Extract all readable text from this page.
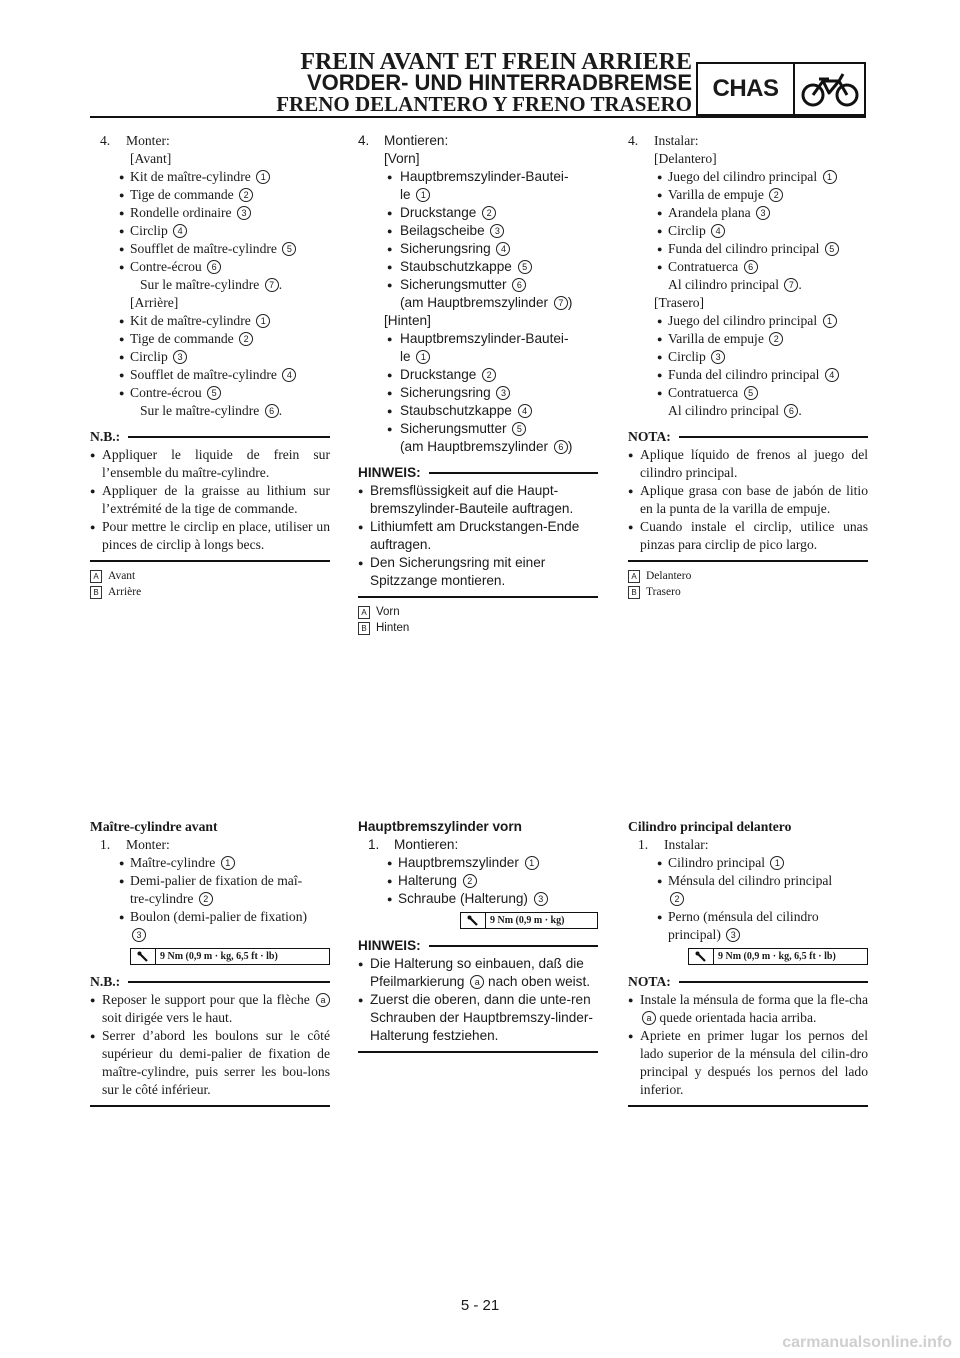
FREIN AVANT ET FREIN ARRIERE
VORDER- UND HINTERRADBREMSE
FRENO DELANTERO Y FRENO TRASERO
CHAS
4.	Monter:
[Avant]
● Kit de maître-cylindre 1
● Tige de commande 2
● Rondelle ordinaire 3
● Circlip 4
● Soufflet de maître-cylindre 5
● Contre-écrou 6
Sur le maître-cylindre 7 .
[Arrière]
● Kit de maître-cylindre 1
● Tige de commande 2
● Circlip 3
● Soufflet de maître-cylindre 4
● Contre-écrou 5
Sur le maître-cylindre 6 .
N.B.:
● Appliquer le liquide de frein sur l’ensemble du maître-cylindre.
● Appliquer de la graisse au lithium sur l’extrémité de la tige de commande.
● Pour mettre le circlip en place, utiliser un pinces de circlip à longs becs.
A Avant
B Arrière
4.	Montieren:
[Vorn]
● Hauptbremszylinder-Bautei-
le 1
● Druckstange 2
● Beilagscheibe 3
● Sicherungsring 4
● Staubschutzkappe 5
● Sicherungsmutter 6
(am Hauptbremszylinder 7 )
[Hinten]
● Hauptbremszylinder-Bautei-
le 1
● Druckstange 2
● Sicherungsring 3
● Staubschutzkappe 4
● Sicherungsmutter 5
(am Hauptbremszylinder 6 )
HINWEIS:
● Bremsflüssigkeit auf die Haupt-bremszylinder-Bauteile auftragen.
● Lithiumfett am Druckstangen-Ende auftragen.
● Den Sicherungsring mit einer Spitzzange montieren.
A Vorn
B Hinten
4.	Instalar:
[Delantero]
● Juego del cilindro principal 1
● Varilla de empuje 2
● Arandela plana 3
● Circlip 4
● Funda del cilindro principal 5
● Contratuerca 6
Al cilindro principal 7 .
[Trasero]
● Juego del cilindro principal 1
● Varilla de empuje 2
● Circlip 3
● Funda del cilindro principal 4
● Contratuerca 5
Al cilindro principal 6 .
NOTA:
● Aplique líquido de frenos al juego del cilindro principal.
● Aplique grasa con base de jabón de litio en la punta de la varilla de empuje.
● Cuando instale el circlip, utilice unas pinzas para circlip de pico largo.
A Delantero
B Trasero
Maître-cylindre avant
1.	Monter:
● Maître-cylindre 1
● Demi-palier de fixation de maî-
tre-cylindre 2
● Boulon (demi-palier de fixation)
3
9 Nm (0,9 m · kg, 6,5 ft · lb)
N.B.:
● Reposer le support pour que la flèche a soit dirigée vers le haut.
● Serrer d’abord les boulons sur le côté supérieur du demi-palier de fixation de maître-cylindre, puis serrer les bou-lons sur le côté inférieur.
Hauptbremszylinder vorn
1.	Montieren:
● Hauptbremszylinder 1
● Halterung 2
● Schraube (Halterung) 3
9 Nm (0,9 m · kg)
HINWEIS:
● Die Halterung so einbauen, daß die Pfeilmarkierung a nach oben weist.
● Zuerst die oberen, dann die unte-ren Schrauben der Hauptbremszy-linder-Halterung festziehen.
Cilindro principal delantero
1.	Instalar:
● Cilindro principal 1
● Ménsula del cilindro principal
2
● Perno (ménsula del cilindro
principal) 3
9 Nm (0,9 m · kg, 6,5 ft · lb)
NOTA:
● Instale la ménsula de forma que la fle-cha a quede orientada hacia arriba.
● Apriete en primer lugar los pernos del lado superior de la ménsula del cilin-dro principal y después los pernos del lado inferior.
5 - 21
carmanualsonline.info
